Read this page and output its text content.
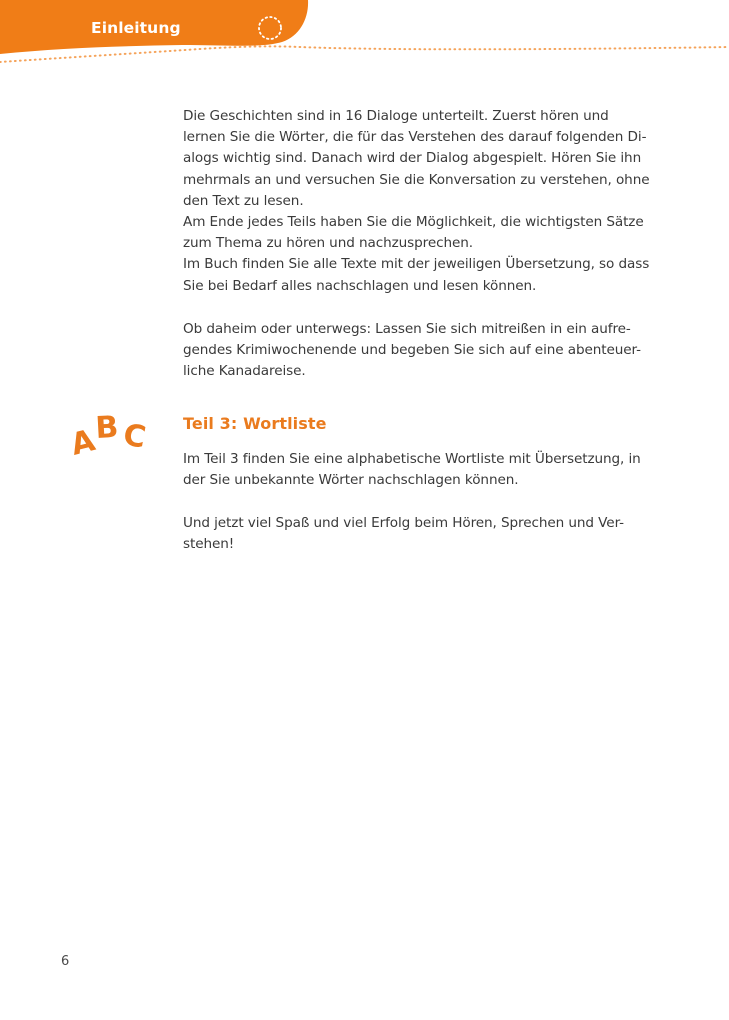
Einleitung

Die Geschichten sind in 16 Dialoge unterteilt. Zuerst hören und

lernen Sie die Wörter, die für das Verstehen des darauf folgenden Di-

alogs wichtig sind. Danach wird der Dialog abgespielt. Hören Sie ihn

mehrmals an und versuchen Sie die Konversation zu verstehen, ohne

den Text zu lesen.

Am Ende jedes Teils haben Sie die Möglichkeit, die wichtigsten Sätze

zum Thema zu hören und nachzusprechen.

Im Buch finden Sie alle Texte mit der jeweiligen Übersetzung, so dass

Sie bei Bedarf alles nachschlagen und lesen können.

Ob daheim oder unterwegs: Lassen Sie sich mitreißen in ein aufre-

gendes Krimiwochenende und begeben Sie sich auf eine abenteuer-

liche Kanadareise.

A
B C Teil 3: Wortliste

Im Teil 3 finden Sie eine alphabetische Wortliste mit Übersetzung, in

der Sie unbekannte Wörter nachschlagen können.

Und jetzt viel Spaß und viel Erfolg beim Hören, Sprechen und Ver-

stehen!

6
